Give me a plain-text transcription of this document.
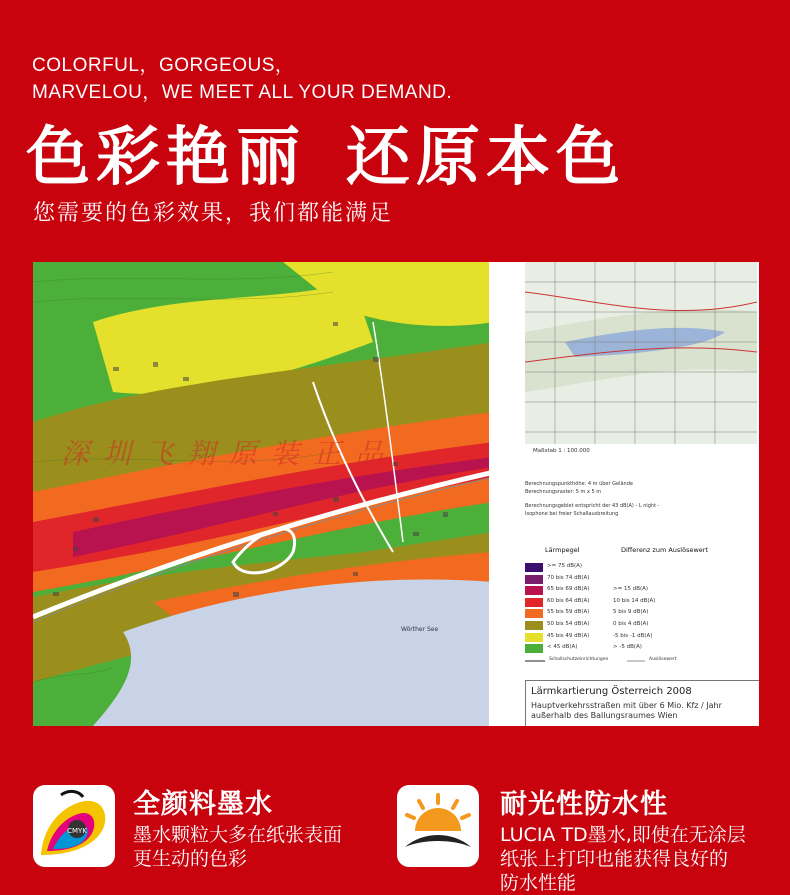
COLORFUL，GORGEOUS，
MARVELOU，WE MEET ALL YOUR DEMAND.
色彩艳丽 还原本色
您需要的色彩效果，我们都能满足
深圳飞翔原装正品
Wörther See
Maßstab 1 : 100.000
Berechnungspunkthöhe: 4 m über Gelände
Berechnungsraster: 5 m x 5 m
Berechnungsgebiet entspricht der 43 dB(A) - L night -
Isophone bei freier Schallausbreitung
Lärmpegel	Differenz zum Auslösewert
>= 75 dB(A)
70 bis 74 dB(A)
65 bis 69 dB(A)	>= 15 dB(A)
60 bis 64 dB(A)	10 bis 14 dB(A)
55 bis 59 dB(A)	5 bis 9 dB(A)
50 bis 54 dB(A)	0 bis 4 dB(A)
45 bis 49 dB(A)	-5 bis -1 dB(A)
< 45 dB(A)	> -5 dB(A)
Schallschutzeinrichtungen	Auslösewert
Lärmkartierung Österreich 2008
Hauptverkehrsstraßen mit über 6 Mio. Kfz / Jahr
außerhalb des Ballungsraumes Wien
CMYK
全颜料墨水
墨水颗粒大多在纸张表面
更生动的色彩
耐光性防水性
LUCIA TD墨水,即使在无涂层
纸张上打印也能获得良好的
防水性能
